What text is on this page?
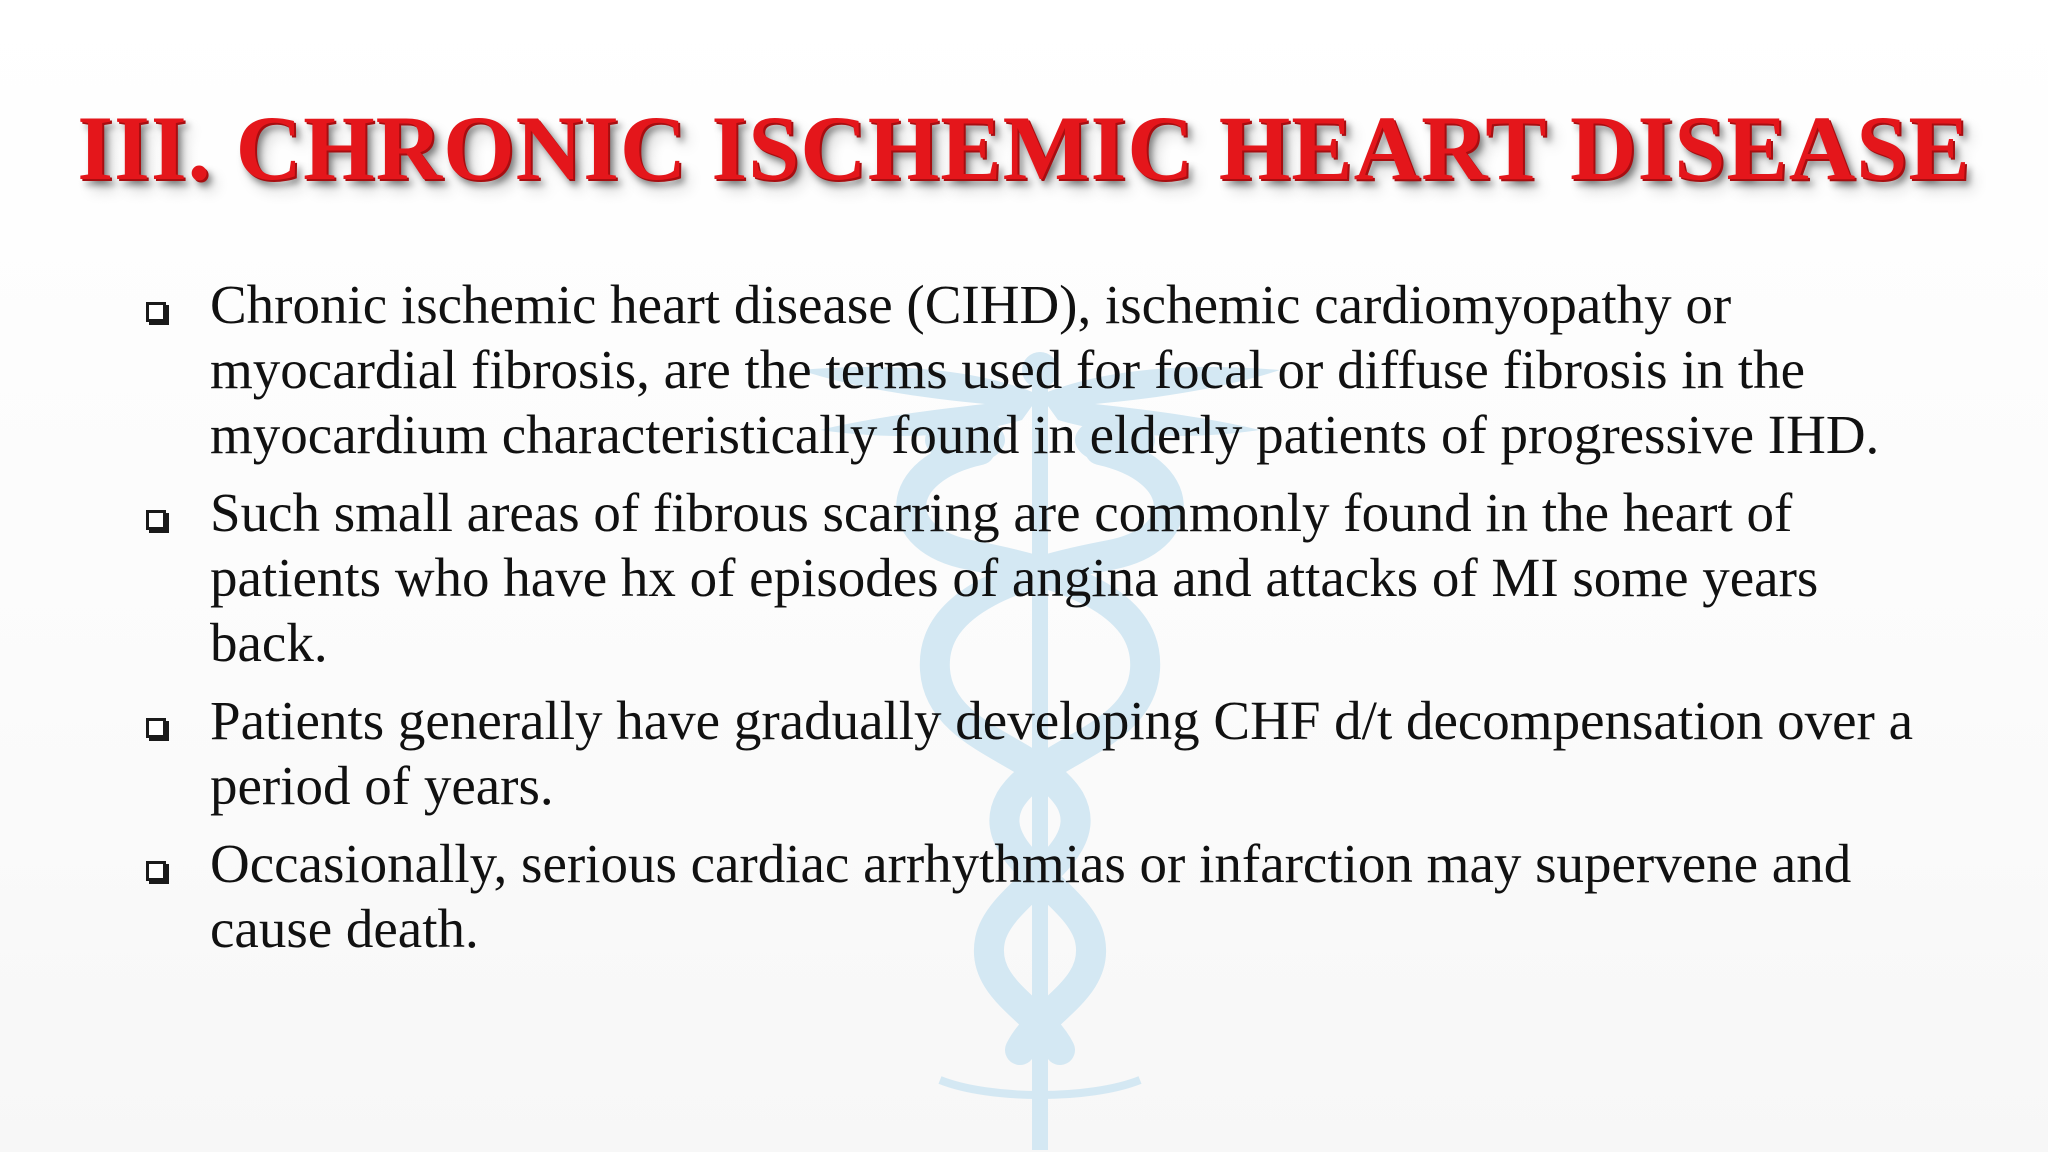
III. CHRONIC ISCHEMIC HEART DISEASE
Chronic ischemic heart disease (CIHD), ischemic cardiomyopathy or myocardial fibrosis, are the terms used for focal or diffuse fibrosis in the myocardium characteristically found in elderly patients of progressive IHD.
Such small areas of fibrous scarring are commonly found in the heart of patients who have hx of episodes of angina and attacks of MI some years back.
Patients generally have gradually developing CHF d/t decompensation over a period of years.
Occasionally, serious cardiac arrhythmias or infarction may supervene and cause death.
